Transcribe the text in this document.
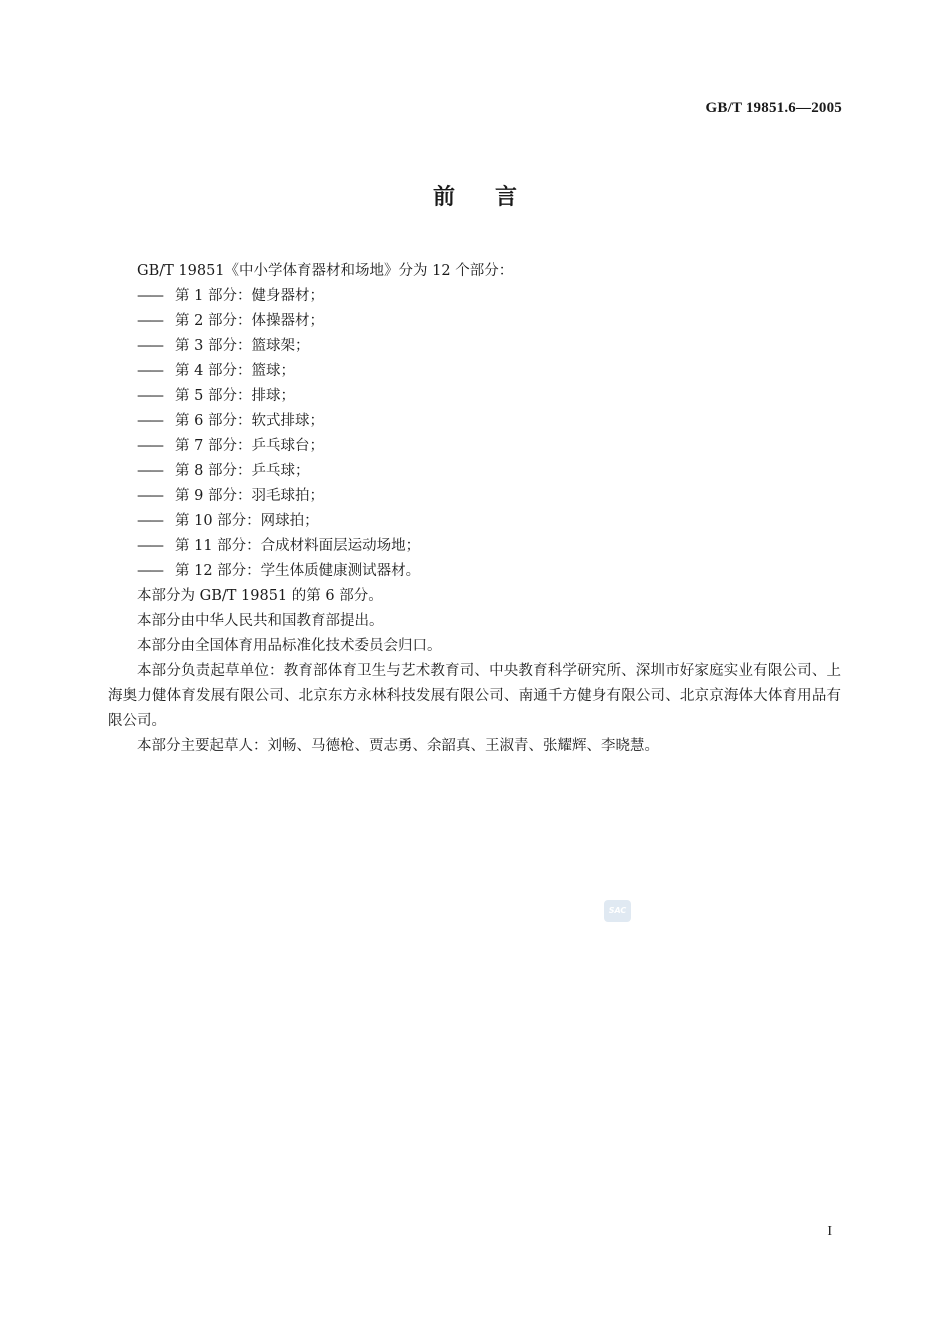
GB/T 19851.6—2005
前言

GB/T 19851《中小学体育器材和场地》分为 12 个部分：

—— 第 1 部分：健身器材；

—— 第 2 部分：体操器材；

—— 第 3 部分：篮球架；

—— 第 4 部分：篮球；

—— 第 5 部分：排球；

—— 第 6 部分：软式排球；

—— 第 7 部分：乒乓球台；

—— 第 8 部分：乒乓球；

—— 第 9 部分：羽毛球拍；

—— 第 10 部分：网球拍；

—— 第 11 部分：合成材料面层运动场地；

—— 第 12 部分：学生体质健康测试器材。

本部分为 GB/T 19851 的第 6 部分。

本部分由中华人民共和国教育部提出。

本部分由全国体育用品标准化技术委员会归口。

本部分负责起草单位：教育部体育卫生与艺术教育司、中央教育科学研究所、深圳市好家庭实业有限公司、上海奥力健体育发展有限公司、北京东方永林科技发展有限公司、南通千方健身有限公司、北京京海体大体育用品有限公司。

本部分主要起草人：刘畅、马德枪、贾志勇、余韶真、王淑青、张耀辉、李晓慧。

SAC
I
